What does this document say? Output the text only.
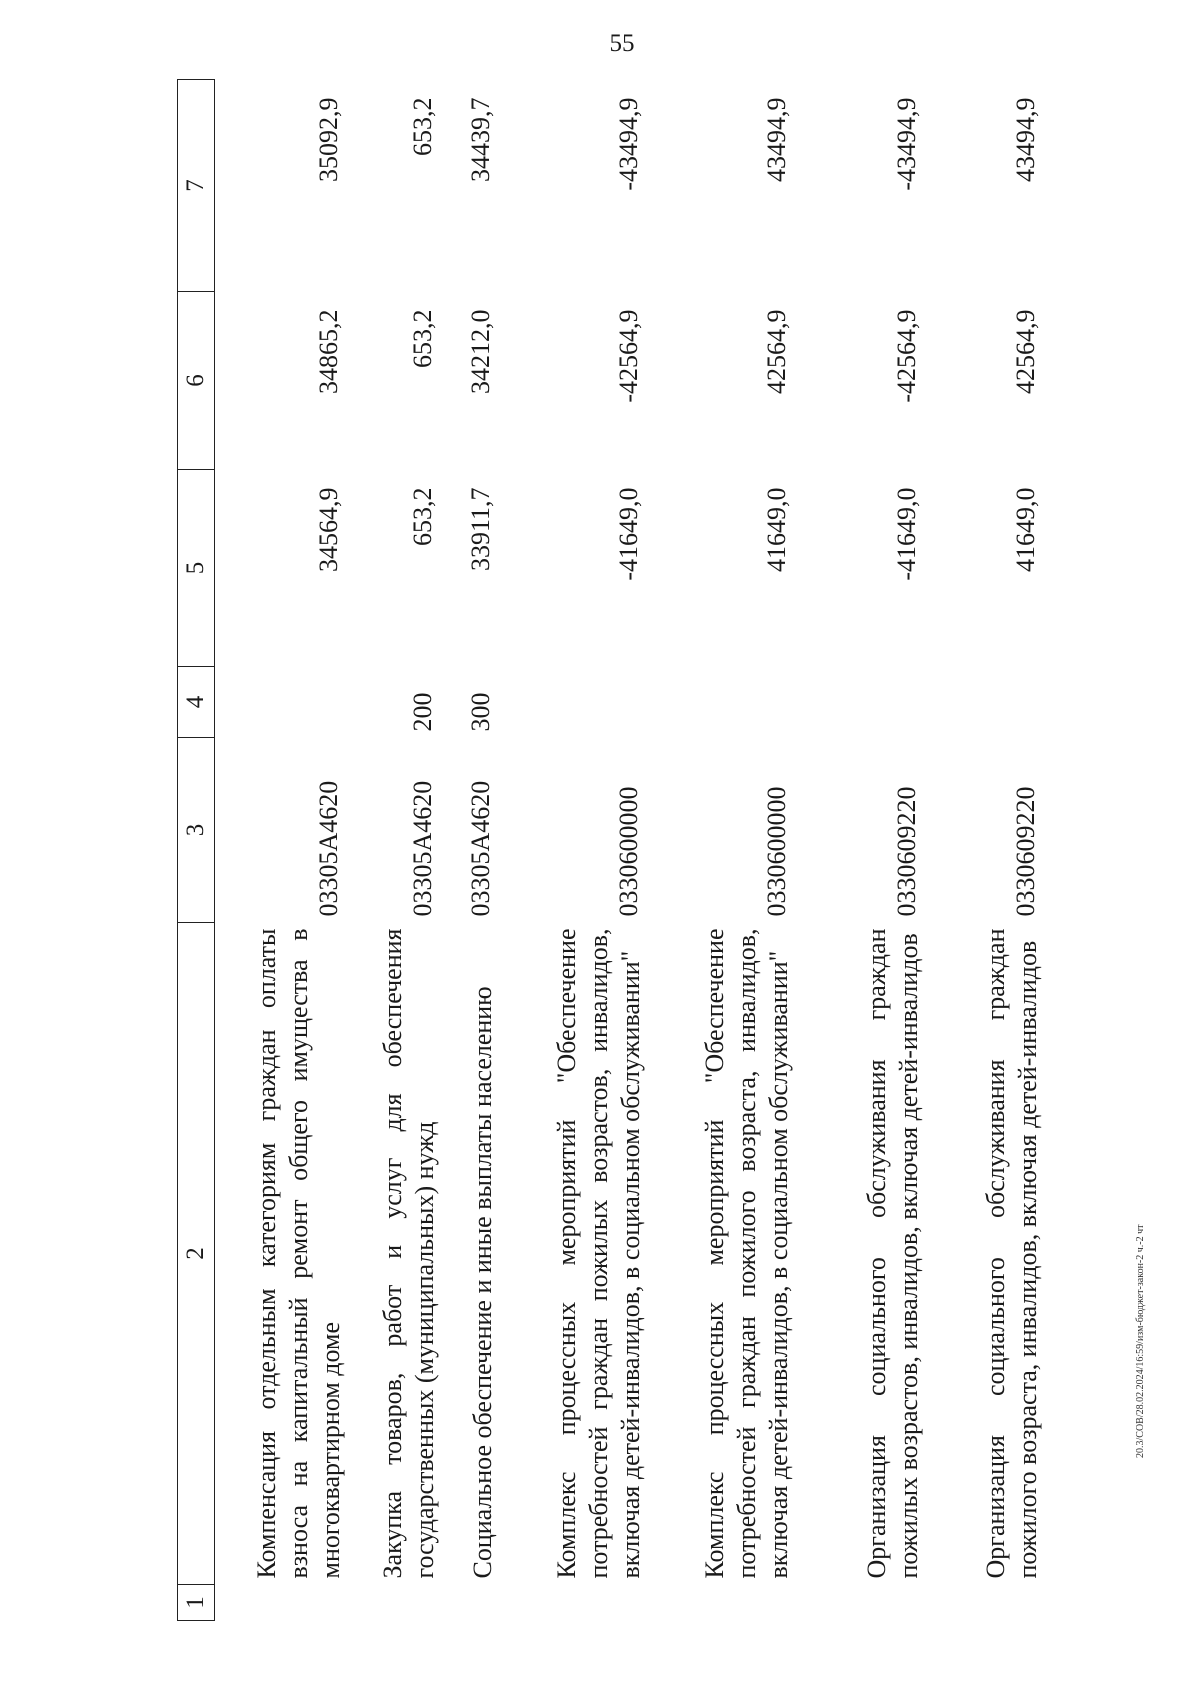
55
1	2	3	4	5	6	7
	Компенсация отдельным категориям граждан оплаты взноса на капитальный ремонт общего имущества в многоквартирном доме	03305A4620		34564,9	34865,2	35092,9
	Закупка товаров, работ и услуг для обеспечения государственных (муниципальных) нужд	03305A4620	200	653,2	653,2	653,2
	Социальное обеспечение и иные выплаты населению	03305A4620	300	33911,7	34212,0	34439,7
	Комплекс процессных мероприятий "Обеспечение потребностей граждан пожилых возрастов, инвалидов, включая детей-инвалидов, в социальном обслуживании"	0330600000		-41649,0	-42564,9	-43494,9
	Комплекс процессных мероприятий "Обеспечение потребностей граждан пожилого возраста, инвалидов, включая детей-инвалидов, в социальном обслуживании"	0330600000		41649,0	42564,9	43494,9
	Организация социального обслуживания граждан пожилых возрастов, инвалидов, включая детей-инвалидов	0330609220		-41649,0	-42564,9	-43494,9
	Организация социального обслуживания граждан пожилого возраста, инвалидов, включая детей-инвалидов	0330609220		41649,0	42564,9	43494,9
20.3/СОВ/28.02.2024/16:59/изм-бюджет-закон-2 ч.-2 чт
